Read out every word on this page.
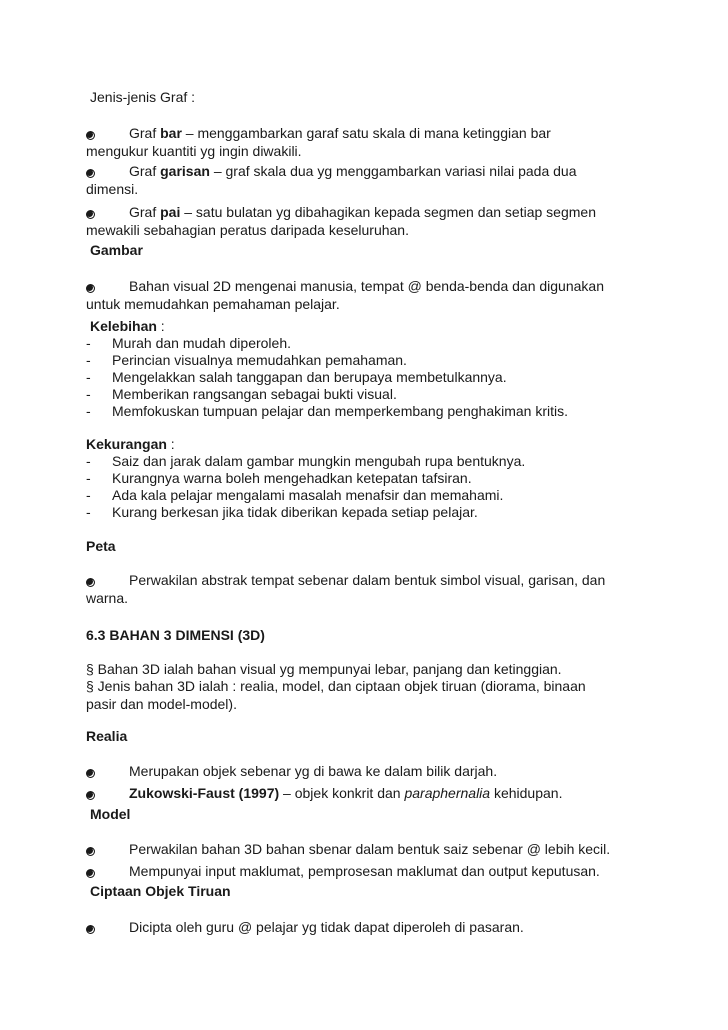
Jenis-jenis Graf :
Graf bar – menggambarkan garaf satu skala di mana ketinggian bar
mengukur kuantiti yg ingin diwakili.
Graf garisan – graf skala dua yg menggambarkan variasi nilai pada dua
dimensi.
Graf pai – satu bulatan yg dibahagikan kepada segmen dan setiap segmen
mewakili sebahagian peratus daripada keseluruhan.
Gambar
Bahan visual 2D mengenai manusia, tempat @ benda-benda dan digunakan
untuk memudahkan pemahaman pelajar.
Kelebihan :
- Murah dan mudah diperoleh.
- Perincian visualnya memudahkan pemahaman.
- Mengelakkan salah tanggapan dan berupaya membetulkannya.
- Memberikan rangsangan sebagai bukti visual.
- Memfokuskan tumpuan pelajar dan memperkembang penghakiman kritis.
Kekurangan :
- Saiz dan jarak dalam gambar mungkin mengubah rupa bentuknya.
- Kurangnya warna boleh mengehadkan ketepatan tafsiran.
- Ada kala pelajar mengalami masalah menafsir dan memahami.
- Kurang berkesan jika tidak diberikan kepada setiap pelajar.
Peta
Perwakilan abstrak tempat sebenar dalam bentuk simbol visual, garisan, dan
warna.
6.3 BAHAN 3 DIMENSI (3D)
§ Bahan 3D ialah bahan visual yg mempunyai lebar, panjang dan ketinggian.
§ Jenis bahan 3D ialah : realia, model, dan ciptaan objek tiruan (diorama, binaan
pasir dan model-model).
Realia
Merupakan objek sebenar yg di bawa ke dalam bilik darjah.
Zukowski-Faust (1997) – objek konkrit dan paraphernalia kehidupan.
Model
Perwakilan bahan 3D bahan sbenar dalam bentuk saiz sebenar @ lebih kecil.
Mempunyai input maklumat, pemprosesan maklumat dan output keputusan.
Ciptaan Objek Tiruan
Dicipta oleh guru @ pelajar yg tidak dapat diperoleh di pasaran.
